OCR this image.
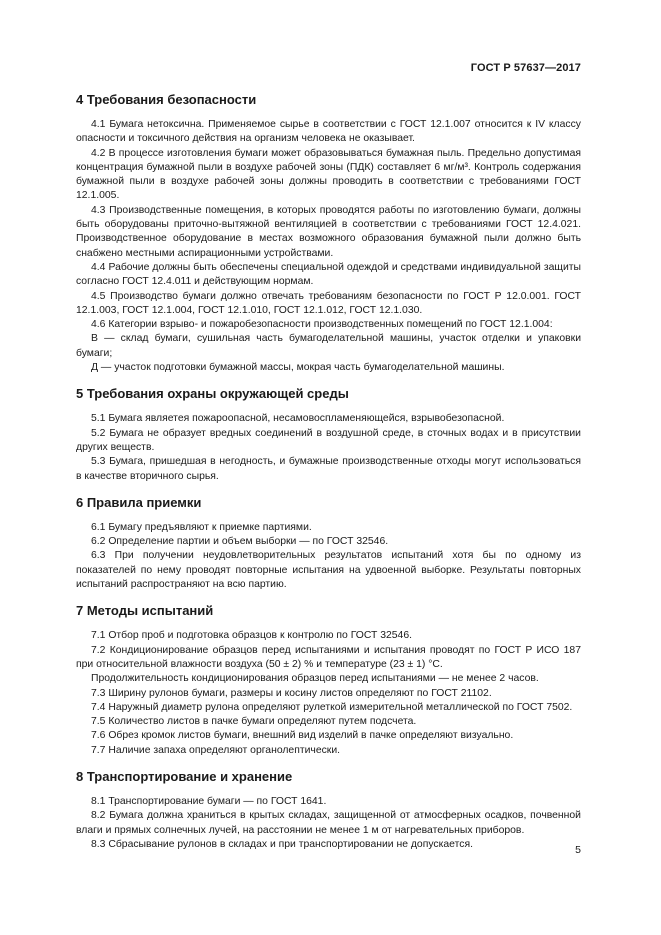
ГОСТ Р 57637—2017
4 Требования безопасности

4.1 Бумага нетоксична. Применяемое сырье в соответствии с ГОСТ 12.1.007 относится к IV классу опасности и токсичного действия на организм человека не оказывает.

4.2 В процессе изготовления бумаги может образовываться бумажная пыль. Предельно допустимая концентрация бумажной пыли в воздухе рабочей зоны (ПДК) составляет 6 мг/м³. Контроль содержания бумажной пыли в воздухе рабочей зоны должны проводить в соответствии с требованиями ГОСТ 12.1.005.

4.3 Производственные помещения, в которых проводятся работы по изготовлению бумаги, должны быть оборудованы приточно-вытяжной вентиляцией в соответствии с требованиями ГОСТ 12.4.021. Производственное оборудование в местах возможного образования бумажной пыли должно быть снабжено местными аспирационными устройствами.

4.4 Рабочие должны быть обеспечены специальной одеждой и средствами индивидуальной защиты согласно ГОСТ 12.4.011 и действующим нормам.

4.5 Производство бумаги должно отвечать требованиям безопасности по ГОСТ Р 12.0.001. ГОСТ 12.1.003, ГОСТ 12.1.004, ГОСТ 12.1.010, ГОСТ 12.1.012, ГОСТ 12.1.030.

4.6 Категории взрыво- и пожаробезопасности производственных помещений по ГОСТ 12.1.004:

В — склад бумаги, сушильная часть бумагоделательной машины, участок отделки и упаковки бумаги;

Д — участок подготовки бумажной массы, мокрая часть бумагоделательной машины.

5 Требования охраны окружающей среды

5.1 Бумага являетея пожароопасной, несамовоспламеняющейся, взрывобезопасной.

5.2 Бумага не образует вредных соединений в воздушной среде, в сточных водах и в присутствии других веществ.

5.3 Бумага, пришедшая в негодность, и бумажные производственные отходы могут использоваться в качестве вторичного сырья.

6 Правила приемки

6.1 Бумагу предъявляют к приемке партиями.

6.2 Определение партии и объем выборки — по ГОСТ 32546.

6.3 При получении неудовлетворительных результатов испытаний хотя бы по одному из показателей по нему проводят повторные испытания на удвоенной выборке. Результаты повторных испытаний распространяют на всю партию.

7 Методы испытаний

7.1 Отбор проб и подготовка образцов к контролю по ГОСТ 32546.

7.2 Кондиционирование образцов перед испытаниями и испытания проводят по ГОСТ Р ИСО 187 при относительной влажности воздуха (50 ± 2) % и температуре (23 ± 1) °С.

Продолжительность кондиционирования образцов перед испытаниями — не менее 2 часов.

7.3 Ширину рулонов бумаги, размеры и косину листов определяют по ГОСТ 21102.

7.4 Наружный диаметр рулона определяют рулеткой измерительной металлической по ГОСТ 7502.

7.5 Количество листов в пачке бумаги определяют путем подсчета.

7.6 Обрез кромок листов бумаги, внешний вид изделий в пачке определяют визуально.

7.7 Наличие запаха определяют органолептически.

8 Транспортирование и хранение

8.1 Транспортирование бумаги — по ГОСТ 1641.

8.2 Бумага должна храниться в крытых складах, защищенной от атмосферных осадков, почвенной влаги и прямых солнечных лучей, на расстоянии не менее 1 м от нагревательных приборов.

8.3 Сбрасывание рулонов в складах и при транспортировании не допускается.	5
